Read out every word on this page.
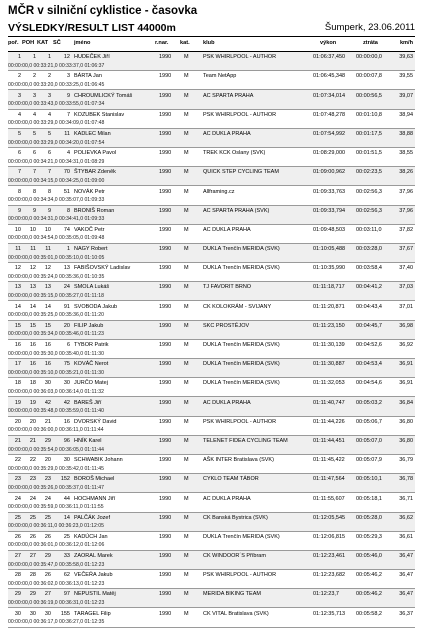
MČR v silniční cyklistice - časovka
VÝSLEDKY/RESULT LIST 44000m	Šumperk, 23.06.2011
poř. POH KAT SČ jméno	r.nar. kat. klub	výkon	ztráta	km/h
1	1	1	12 HUDEČEK Jiří	1990 M	PSK WHIRLPOOL - AUTHOR	01:06:37,450 00:00:00,0	39,63
00:00:00,0 00:33:21,0 00:33:37,0 01:06:37
2	2	2	3 BÁRTA Jan	1990 M	Team NetApp	01:06:45,348 00:00:07,8	39,55
00:00:00,0 00:33:20,0 00:33:25,0 01:06:45
3	3	3	9 CHROUMLICKÝ Tomáš	1990 M	AC SPARTA PRAHA	01:07:34,014 00:00:56,5	39,07
00:00:00,0 00:33:43,0 00:33:55,0 01:07:34
4	4	4	7 KOZUBEK Stanislav	1990 M	PSK WHIRLPOOL - AUTHOR	01:07:48,278 00:01:10,8	38,94
00:00:00,0 00:33:29,0 00:34:09,0 01:07:48
5	5	5	11 KADLEC Milan	1990 M	AC DUKLA PRAHA	01:07:54,992 00:01:17,5	38,88
00:00:00,0 00:33:29,0 00:34:20,0 01:07:54
6	6	6	4 POLIEVKA Pavol	1990 M	TREK KCK Oslany (SVK)	01:08:29,000 00:01:51,5	38,55
00:00:00,0 00:34:21,0 00:34:31,0 01:08:29
7	7	7	70 ŠTYBAR Zdeněk	1990 M	QUICK STEP CYCLING TEAM	01:09:00,962 00:02:23,5	38,26
00:00:00,0 00:34:15,0 00:34:25,0 01:09:00
8	8	8	51 NOVÁK Petr	1990 M	Allframing.cz	01:09:33,763 00:02:56,3	37,96
00:00:00,0 00:34:34,0 00:35:07,0 01:09:33
9	9	9	8 BRONIŠ Roman	1990 M	AC SPARTA PRAHA (SVK)	01:09:33,794 00:02:56,3	37,96
00:00:00,0 00:34:31,0 00:34:41,0 01:09:33
10	10	10	74 VAKOČ Petr	1990 M	AC DUKLA PRAHA	01:09:48,503 00:03:11,0	37,82
00:00:00,0 00:34:54,0 00:35:05,0 01:09:48
11	11	11	1 NAGY Robert	1990 M	DUKLA Trenčín MERIDA (SVK)	01:10:05,488 00:03:28,0	37,67
00:00:00,0 00:35:01,0 00:35:10,0 01:10:05
12	12	12	13 FABIŠOVSKÝ Ladislav	1990 M	DUKLA Trenčín MERIDA (SVK)	01:10:35,990 00:03:58,4	37,40
00:00:00,0 00:35:24,0 00:35:36,0 01:10:35
13	13	13	24 SMOLA Lukáš	1990 M	TJ FAVORIT BRNO	01:11:18,717 00:04:41,2	37,03
00:00:00,0 00:35:15,0 00:35:27,0 01:11:18
14	14	14	91 SVOBODA Jakub	1990 M	CK KOLOKRÁM - SVIJANY	01:11:20,871 00:04:43,4	37,01
00:00:00,0 00:35:25,0 00:35:36,0 01:11:20
15	15	15	20 FILIP Jakub	1990 M	SKC PROSTĚJOV	01:11:23,150 00:04:45,7	36,98
00:00:00,0 00:35:34,0 00:35:46,0 01:11:23
16	16	16	6 TYBOR Patrik	1990 M	DUKLA Trenčín MERIDA (SVK)	01:11:30,139 00:04:52,6	36,92
00:00:00,0 00:35:30,0 00:35:40,0 01:11:30
17	16	16	75 KOVÁČ Nerot	1990 M	DUKLA Trenčín MERIDA (SVK)	01:11:30,887 00:04:53,4	36,91
00:00:00,0 00:35:10,0 00:35:21,0 01:11:30
18	18	30	30 JURČO Matej	1990 M	DUKLA Trenčín MERIDA (SVK)	01:11:32,053 00:04:54,6	36,91
00:00:00,0 00:36:03,0 00:36:14,0 01:11:32
19	19	42	42 BAREŠ Jiří	1990 M	AC DUKLA PRAHA	01:11:40,747 00:05:03,2	36,84
00:00:00,0 00:35:48,0 00:35:59,0 01:11:40
20	20	21	16 DVORSKÝ David	1990 M	PSK WHIRLPOOL - AUTHOR	01:11:44,226 00:05:06,7	36,80
00:00:00,0 00:36:00,0 00:36:11,0 01:11:44
21	21	29	96 HNÍK Karel	1990 M	TELENET FIDEA CYCLING TEAM	01:11:44,451 00:05:07,0	36,80
00:00:00,0 00:35:54,0 00:36:05,0 01:11:44
22	22	20	30 SCHWABIK Johann	1990 M	AŠK INTER Bratislava (SVK)	01:11:45,422 00:05:07,9	36,79
00:00:00,0 00:35:29,0 00:35:42,0 01:11:45
23	23	23	152 BOROŠ Michael	1990 M	CYKLO TEAM TÁBOR	01:11:47,564 00:05:10,1	36,78
00:00:00,0 00:35:26,0 00:35:37,0 01:11:47
24	24	24	44 HOCHMANN Jiří	1990 M	AC DUKLA PRAHA	01:11:55,607 00:05:18,1	36,71
00:00:00,0 00:35:59,0 00:36:11,0 01:11:55
25	25	25	14 PALČÁK Jozef	1990 M	CK Banská Bystrica (SVK)	01:12:05,545 00:05:28,0	36,62
00:00:00,0 00:36:11,0 00:36:23,0 01:12:05
26	26	26	25 KADÚCH Jan	1990 M	DUKLA Trenčín MERIDA (SVK)	01:12:06,815 00:05:29,3	36,61
00:00:00,0 00:36:01,0 00:36:12,0 01:12:06
27	27	29	33 ZAORAL Marek	1990 M	CK WINDOOR´S Příbram	01:12:23,461 00:05:46,0	36,47
00:00:00,0 00:35:47,0 00:35:58,0 01:12:23
28	28	26	62 VEČEŘA Jakub	1990 M	PSK WHIRLPOOL - AUTHOR	01:12:23,682 00:05:46,2	36,47
00:00:00,0 00:36:02,0 00:36:13,0 01:12:23
29	29	27	97 NEPUSTIL Matěj	1990 M	MERIDA BIKING TEAM	01:12:23,7	00:05:46,2	36,47
00:00:00,0 00:36:19,0 00:36:31,0 01:12:23
30	30	30	155 TARAGEL Filip	1990 M	CK VITAL Bratislava (SVK)	01:12:35,713 00:05:58,2	36,37
00:00:00,0 00:36:17,0 00:36:27,0 01:12:35
